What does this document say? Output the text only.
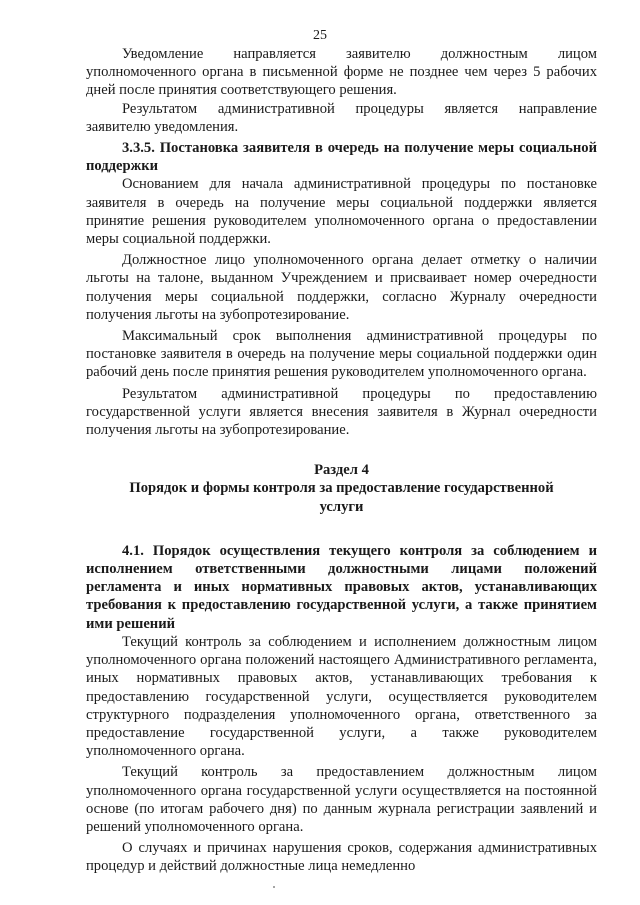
25

Уведомление направляется заявителю должностным лицом уполномоченного органа в письменной форме не позднее чем через 5 рабочих дней после принятия соответствующего решения.

Результатом административной процедуры является направление заявителю уведомления.

3.3.5. Постановка заявителя в очередь на получение меры социальной поддержки

Основанием для начала административной процедуры по постановке заявителя в очередь на получение меры социальной поддержки является принятие решения руководителем уполномоченного органа о предоставлении меры социальной поддержки.

Должностное лицо уполномоченного органа делает отметку о наличии льготы на талоне, выданном Учреждением и присваивает номер очередности получения меры социальной поддержки, согласно Журналу очередности получения льготы на зубопротезирование.

Максимальный срок выполнения административной процедуры по постановке заявителя в очередь на получение меры социальной поддержки один рабочий день после принятия решения руководителем уполномоченного органа.

Результатом административной процедуры по предоставлению государственной услуги является внесения заявителя в Журнал очередности получения льготы на зубопротезирование.

Раздел 4

Порядок и формы контроля за предоставление государственной услуги

4.1. Порядок осуществления текущего контроля за соблюдением и исполнением ответственными должностными лицами положений регламента и иных нормативных правовых актов, устанавливающих требования к предоставлению государственной услуги, а также принятием ими решений

Текущий контроль за соблюдением и исполнением должностным лицом уполномоченного органа положений настоящего Административного регламента, иных нормативных правовых актов, устанавливающих требования к предоставлению государственной услуги, осуществляется руководителем структурного подразделения уполномоченного органа, ответственного за предоставление государственной услуги, а также руководителем уполномоченного органа.

Текущий контроль за предоставлением должностным лицом уполномоченного органа государственной услуги осуществляется на постоянной основе (по итогам рабочего дня) по данным журнала регистрации заявлений и решений уполномоченного органа.

О случаях и причинах нарушения сроков, содержания административных процедур и действий должностные лица немедленно
